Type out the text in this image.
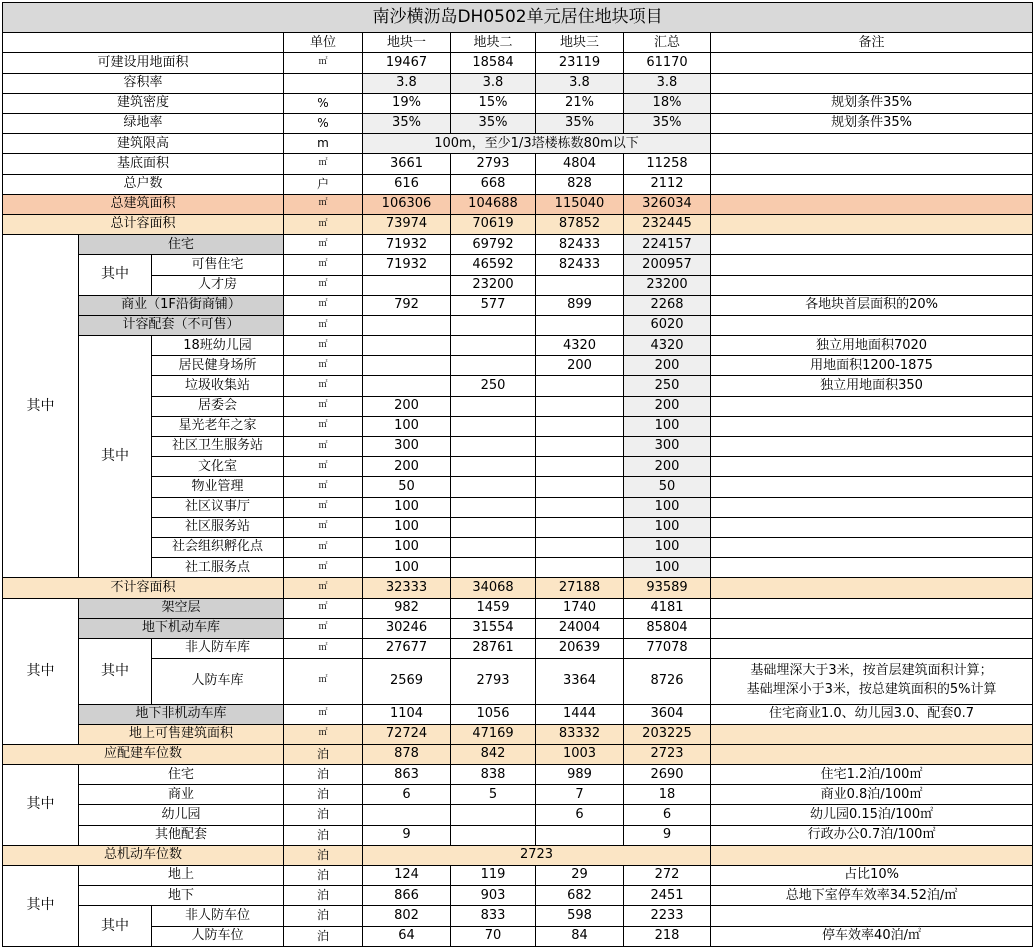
南沙横沥岛DH0502单元居住地块项目								
			单位	地块一	地块二	地块三	汇总	备注
可建设用地面积			㎡	19467	18584	23119	61170	
容积率				3.8	3.8	3.8	3.8	
建筑密度			%	19%	15%	21%	18%	规划条件35%
绿地率			%	35%	35%	35%	35%	规划条件35%
建筑限高			m	100m，至少1/3塔楼栋数80m以下				
基底面积			㎡	3661	2793	4804	11258	
总户数			户	616	668	828	2112	
总建筑面积			㎡	106306	104688	115040	326034	
总计容面积			㎡	73974	70619	87852	232445	
其中	住宅		㎡	71932	69792	82433	224157	
	其中	可售住宅	㎡	71932	46592	82433	200957	
		人才房	㎡		23200		23200	
	商业（1F沿街商铺）		㎡	792	577	899	2268	各地块首层面积的20%
	计容配套（不可售）		㎡				6020	
	其中	18班幼儿园	㎡			4320	4320	独立用地面积7020
		居民健身场所	㎡			200	200	用地面积1200-1875
		垃圾收集站	㎡		250		250	独立用地面积350
		居委会	㎡	200			200	
		星光老年之家	㎡	100			100	
		社区卫生服务站	㎡	300			300	
		文化室	㎡	200			200	
		物业管理	㎡	50			50	
		社区议事厅	㎡	100			100	
		社区服务站	㎡	100			100	
		社会组织孵化点	㎡	100			100	
		社工服务点	㎡	100			100	
不计容面积			㎡	32333	34068	27188	93589	
其中	架空层		㎡	982	1459	1740	4181	
	地下机动车库		㎡	30246	31554	24004	85804	
	其中	非人防车库	㎡	27677	28761	20639	77078	
		人防车库	㎡	2569	2793	3364	8726	基础埋深大于3米，按首层建筑面积计算；
基础埋深小于3米，按总建筑面积的5%计算

	地下非机动车库		㎡	1104	1056	1444	3604	住宅商业1.0、幼儿园3.0、配套0.7
	地上可售建筑面积		㎡	72724	47169	83332	203225	
应配建车位数			泊	878	842	1003	2723	
其中	住宅		泊	863	838	989	2690	住宅1.2泊/100㎡
	商业		泊	6	5	7	18	商业0.8泊/100㎡
	幼儿园		泊			6	6	幼儿园0.15泊/100㎡
	其他配套		泊	9			9	行政办公0.7泊/100㎡
总机动车位数			泊	2723				
其中	地上		泊	124	119	29	272	占比10%
	地下		泊	866	903	682	2451	总地下室停车效率34.52泊/㎡
	其中	非人防车位	泊	802	833	598	2233	
		人防车位	泊	64	70	84	218	停车效率40泊/㎡
